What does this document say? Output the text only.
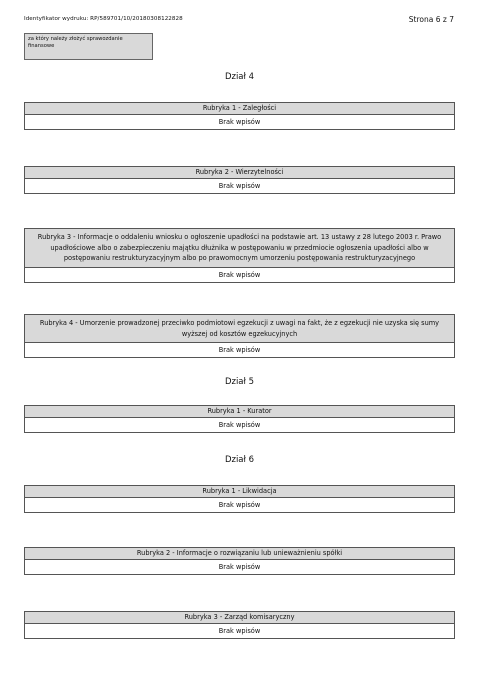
Identyfikator wydruku: RP/589701/10/20180308122828	Strona 6 z 7
za który należy złożyć sprawozdanie finansowe
Dział 4
Rubryka 1 - Zaległości
Brak wpisów
Rubryka 2 - Wierzytelności
Brak wpisów
Rubryka 3 - Informacje o oddaleniu wniosku o ogłoszenie upadłości na podstawie art. 13 ustawy z 28 lutego 2003 r. Prawo upadłościowe albo o zabezpieczeniu majątku dłużnika w postępowaniu w przedmiocie ogłoszenia upadłości albo w postępowaniu restrukturyzacyjnym albo po prawomocnym umorzeniu postępowania restrukturyzacyjnego
Brak wpisów
Rubryka 4 - Umorzenie prowadzonej przeciwko podmiotowi egzekucji z uwagi na fakt, że z egzekucji nie uzyska się sumy wyższej od kosztów egzekucyjnych
Brak wpisów
Dział 5
Rubryka 1 - Kurator
Brak wpisów
Dział 6
Rubryka 1 - Likwidacja
Brak wpisów
Rubryka 2 - Informacje o rozwiązaniu lub unieważnieniu spółki
Brak wpisów
Rubryka 3 - Zarząd komisaryczny
Brak wpisów
